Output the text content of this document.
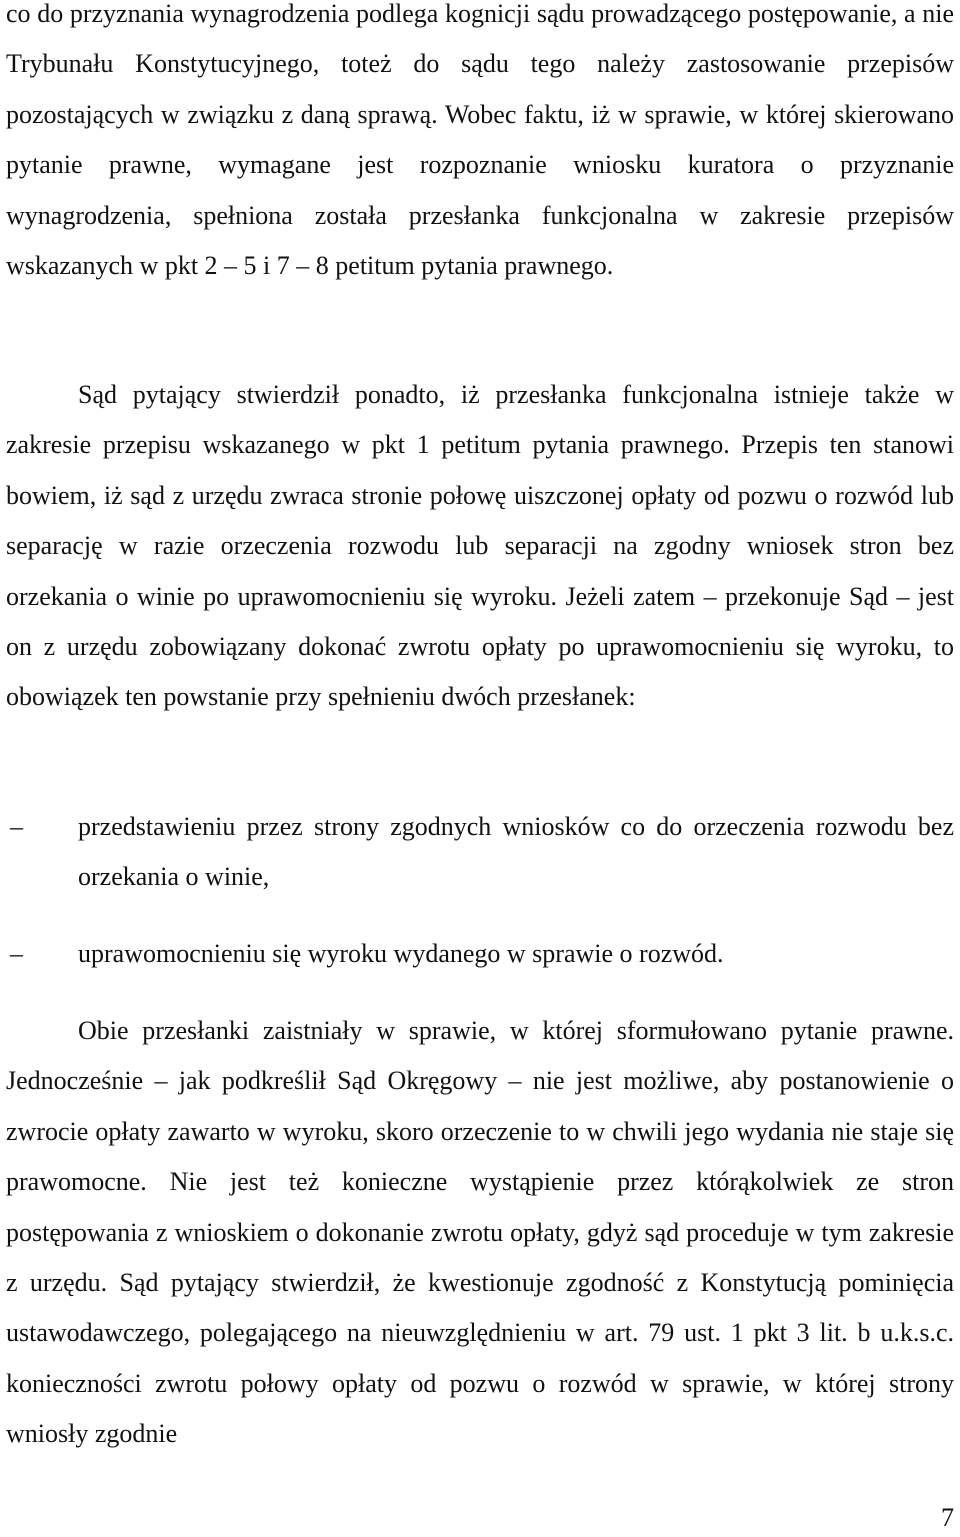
co do przyznania wynagrodzenia podlega kognicji sądu prowadzącego postępowanie, a nie Trybunału Konstytucyjnego, toteż do sądu tego należy zastosowanie przepisów pozostających w związku z daną sprawą. Wobec faktu, iż w sprawie, w której skierowano pytanie prawne, wymagane jest rozpoznanie wniosku kuratora o przyznanie wynagrodzenia, spełniona została przesłanka funkcjonalna w zakresie przepisów wskazanych w pkt 2 – 5 i 7 – 8 petitum pytania prawnego.

Sąd pytający stwierdził ponadto, iż przesłanka funkcjonalna istnieje także w zakresie przepisu wskazanego w pkt 1 petitum pytania prawnego. Przepis ten stanowi bowiem, iż sąd z urzędu zwraca stronie połowę uiszczonej opłaty od pozwu o rozwód lub separację w razie orzeczenia rozwodu lub separacji na zgodny wniosek stron bez orzekania o winie po uprawomocnieniu się wyroku. Jeżeli zatem – przekonuje Sąd – jest on z urzędu zobowiązany dokonać zwrotu opłaty po uprawomocnieniu się wyroku, to obowiązek ten powstanie przy spełnieniu dwóch przesłanek:

– przedstawieniu przez strony zgodnych wniosków co do orzeczenia rozwodu bez orzekania o winie,
– uprawomocnieniu się wyroku wydanego w sprawie o rozwód.

Obie przesłanki zaistniały w sprawie, w której sformułowano pytanie prawne. Jednocześnie – jak podkreślił Sąd Okręgowy – nie jest możliwe, aby postanowienie o zwrocie opłaty zawarto w wyroku, skoro orzeczenie to w chwili jego wydania nie staje się prawomocne. Nie jest też konieczne wystąpienie przez którąkolwiek ze stron postępowania z wnioskiem o dokonanie zwrotu opłaty, gdyż sąd proceduje w tym zakresie z urzędu. Sąd pytający stwierdził, że kwestionuje zgodność z Konstytucją pominięcia ustawodawczego, polegającego na nieuwzględnieniu w art. 79 ust. 1 pkt 3 lit. b u.k.s.c. konieczności zwrotu połowy opłaty od pozwu o rozwód w sprawie, w której strony wniosły zgodnie

7
